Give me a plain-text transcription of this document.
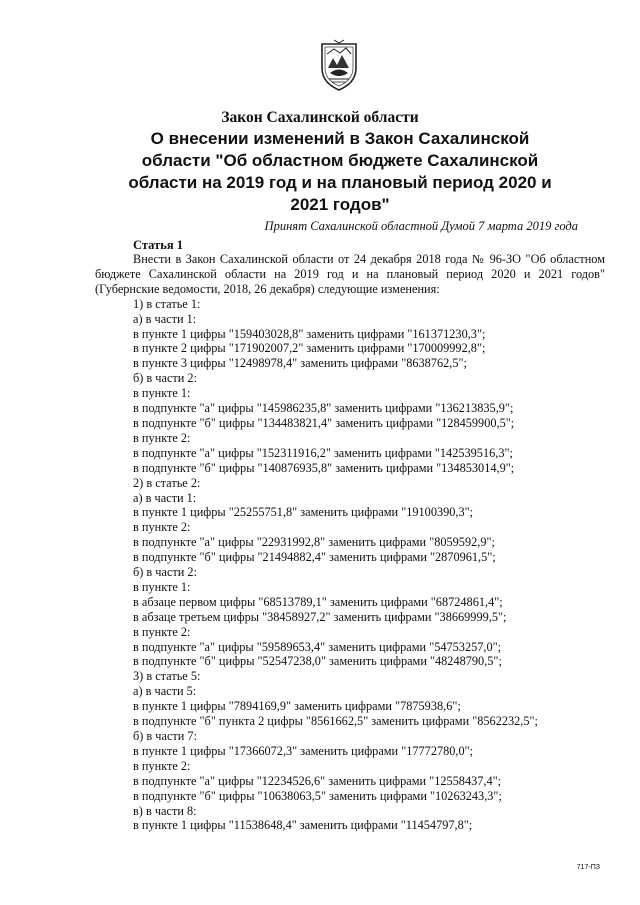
Закон Сахалинской области
О внесении изменений в Закон Сахалинской области "Об областном бюджете Сахалинской области на 2019 год и на плановый период 2020 и 2021 годов"
Принят Сахалинской областной Думой 7 марта 2019 года
Статья 1

Внести в Закон Сахалинской области от 24 декабря 2018 года № 96-ЗО "Об областном бюджете Сахалинской области на 2019 год и на плановый период 2020 и 2021 годов" (Губернские ведомости, 2018, 26 декабря) следующие изменения:

1) в статье 1:

а) в части 1:

в пункте 1 цифры "159403028,8" заменить цифрами "161371230,3";

в пункте 2 цифры "171902007,2" заменить цифрами "170009992,8";

в пункте 3 цифры "12498978,4" заменить цифрами "8638762,5";

б) в части 2:

в пункте 1:

в подпункте "а" цифры "145986235,8" заменить цифрами "136213835,9";

в подпункте "б" цифры "134483821,4" заменить цифрами "128459900,5";

в пункте 2:

в подпункте "а" цифры "152311916,2" заменить цифрами "142539516,3";

в подпункте "б" цифры "140876935,8" заменить цифрами "134853014,9";

2) в статье 2:

а) в части 1:

в пункте 1 цифры "25255751,8" заменить цифрами "19100390,3";

в пункте 2:

в подпункте "а" цифры "22931992,8" заменить цифрами "8059592,9";

в подпункте "б" цифры "21494882,4" заменить цифрами "2870961,5";

б) в части 2:

в пункте 1:

в абзаце первом цифры "68513789,1" заменить цифрами "68724861,4";

в абзаце третьем цифры "38458927,2" заменить цифрами "38669999,5";

в пункте 2:

в подпункте "а" цифры "59589653,4" заменить цифрами "54753257,0";

в подпункте "б" цифры "52547238,0" заменить цифрами "48248790,5";

3) в статье 5:

а) в части 5:

в пункте 1 цифры "7894169,9" заменить цифрами "7875938,6";

в подпункте "б" пункта 2 цифры "8561662,5" заменить цифрами "8562232,5";

б) в части 7:

в пункте 1 цифры "17366072,3" заменить цифрами "17772780,0";

в пункте 2:

в подпункте "а" цифры "12234526,6" заменить цифрами "12558437,4";

в подпункте "б" цифры "10638063,5" заменить цифрами "10263243,3";

в) в части 8:

в пункте 1 цифры "11538648,4" заменить цифрами "11454797,8";

717-ПЗ
